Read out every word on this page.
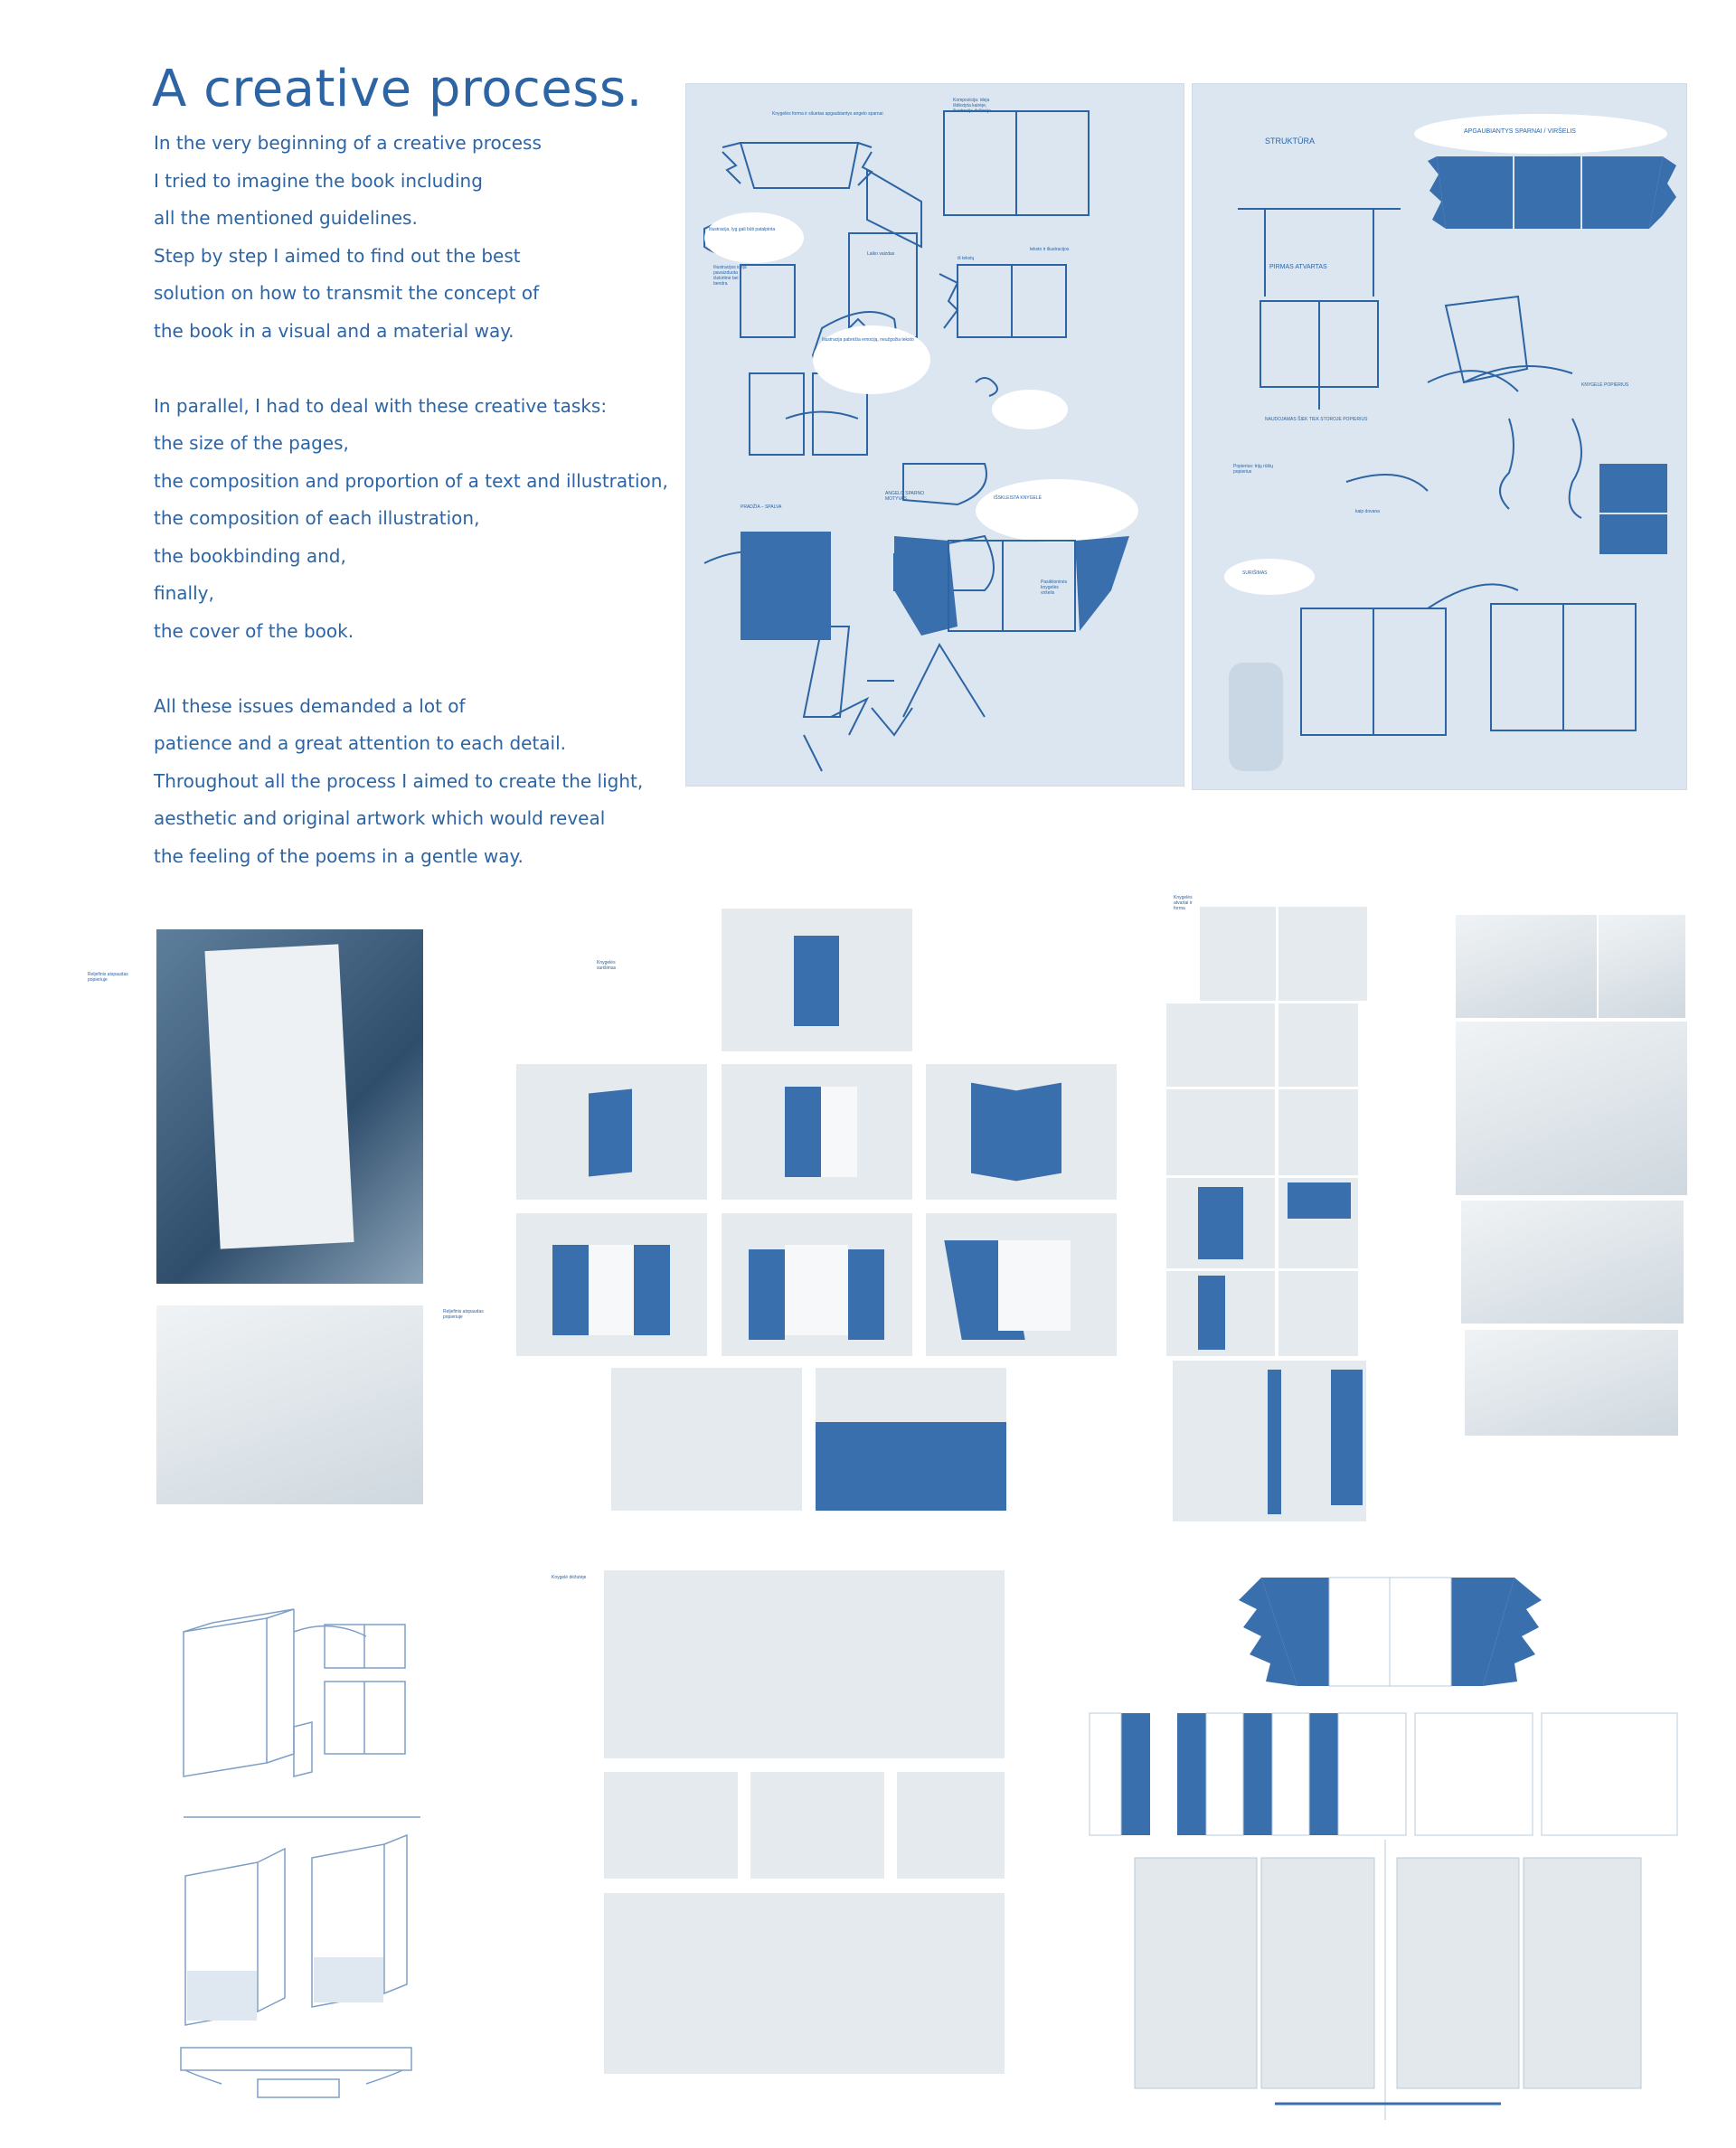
A creative process.

In the very beginning of a creative process
I tried to imagine the book including
all the mentioned guidelines.
Step by step I aimed to find out the best
solution on how to transmit the concept of
the book in a visual and a material way.

In parallel, I had to deal with these creative tasks:
the size of the pages,
the composition and proportion of a text and illustration,
the composition of each illustration,
the bookbinding and,
finally,
the cover of the book.

All these issues demanded a lot of
patience and a great attention to each detail.
Throughout all the process I aimed to create the light,
aesthetic and original artwork which would reveal
the feeling of the poems in a gentle way.

Knygelės forma ir siluetas apgaubiantys angelo sparnai
Kompozicija: ideja išdėstyta kairėje, iliustracija dešinėje
Iliustracija, lyg gali būti patalpinta
Iliustracijos ideja pavaizduota išskirtinė bei bendra
Iliustracija pabrėžia emociją, neužgožia teksto
Laiko vaizdas
iš tekstų
teksto ir iliustracijos
PRADŽIA – SPALVA
ANGELO SPARNO MOTYVAS	IŠSKLEISTA KNYGELĖ
Pasiklioninės knygelės viršelis
STRUKTŪRA
APGAUBIANTYS SPARNAI / VIRŠELIS
PIRMAS ATVARTAS
NAUDOJAMAS ŠIEK TIEK STOROJE POPIERIUS
Popierius: trijų rūšių popierius
KNYGELĖ POPIERIUS
kaip dovana
SURIŠIMAS
Reljefinis atspaudas popieriuje
Reljefinis atspaudas popieriuje
Knygelės surišimas
Knygelės atvartai ir forma
Knygelė dėžutėje
